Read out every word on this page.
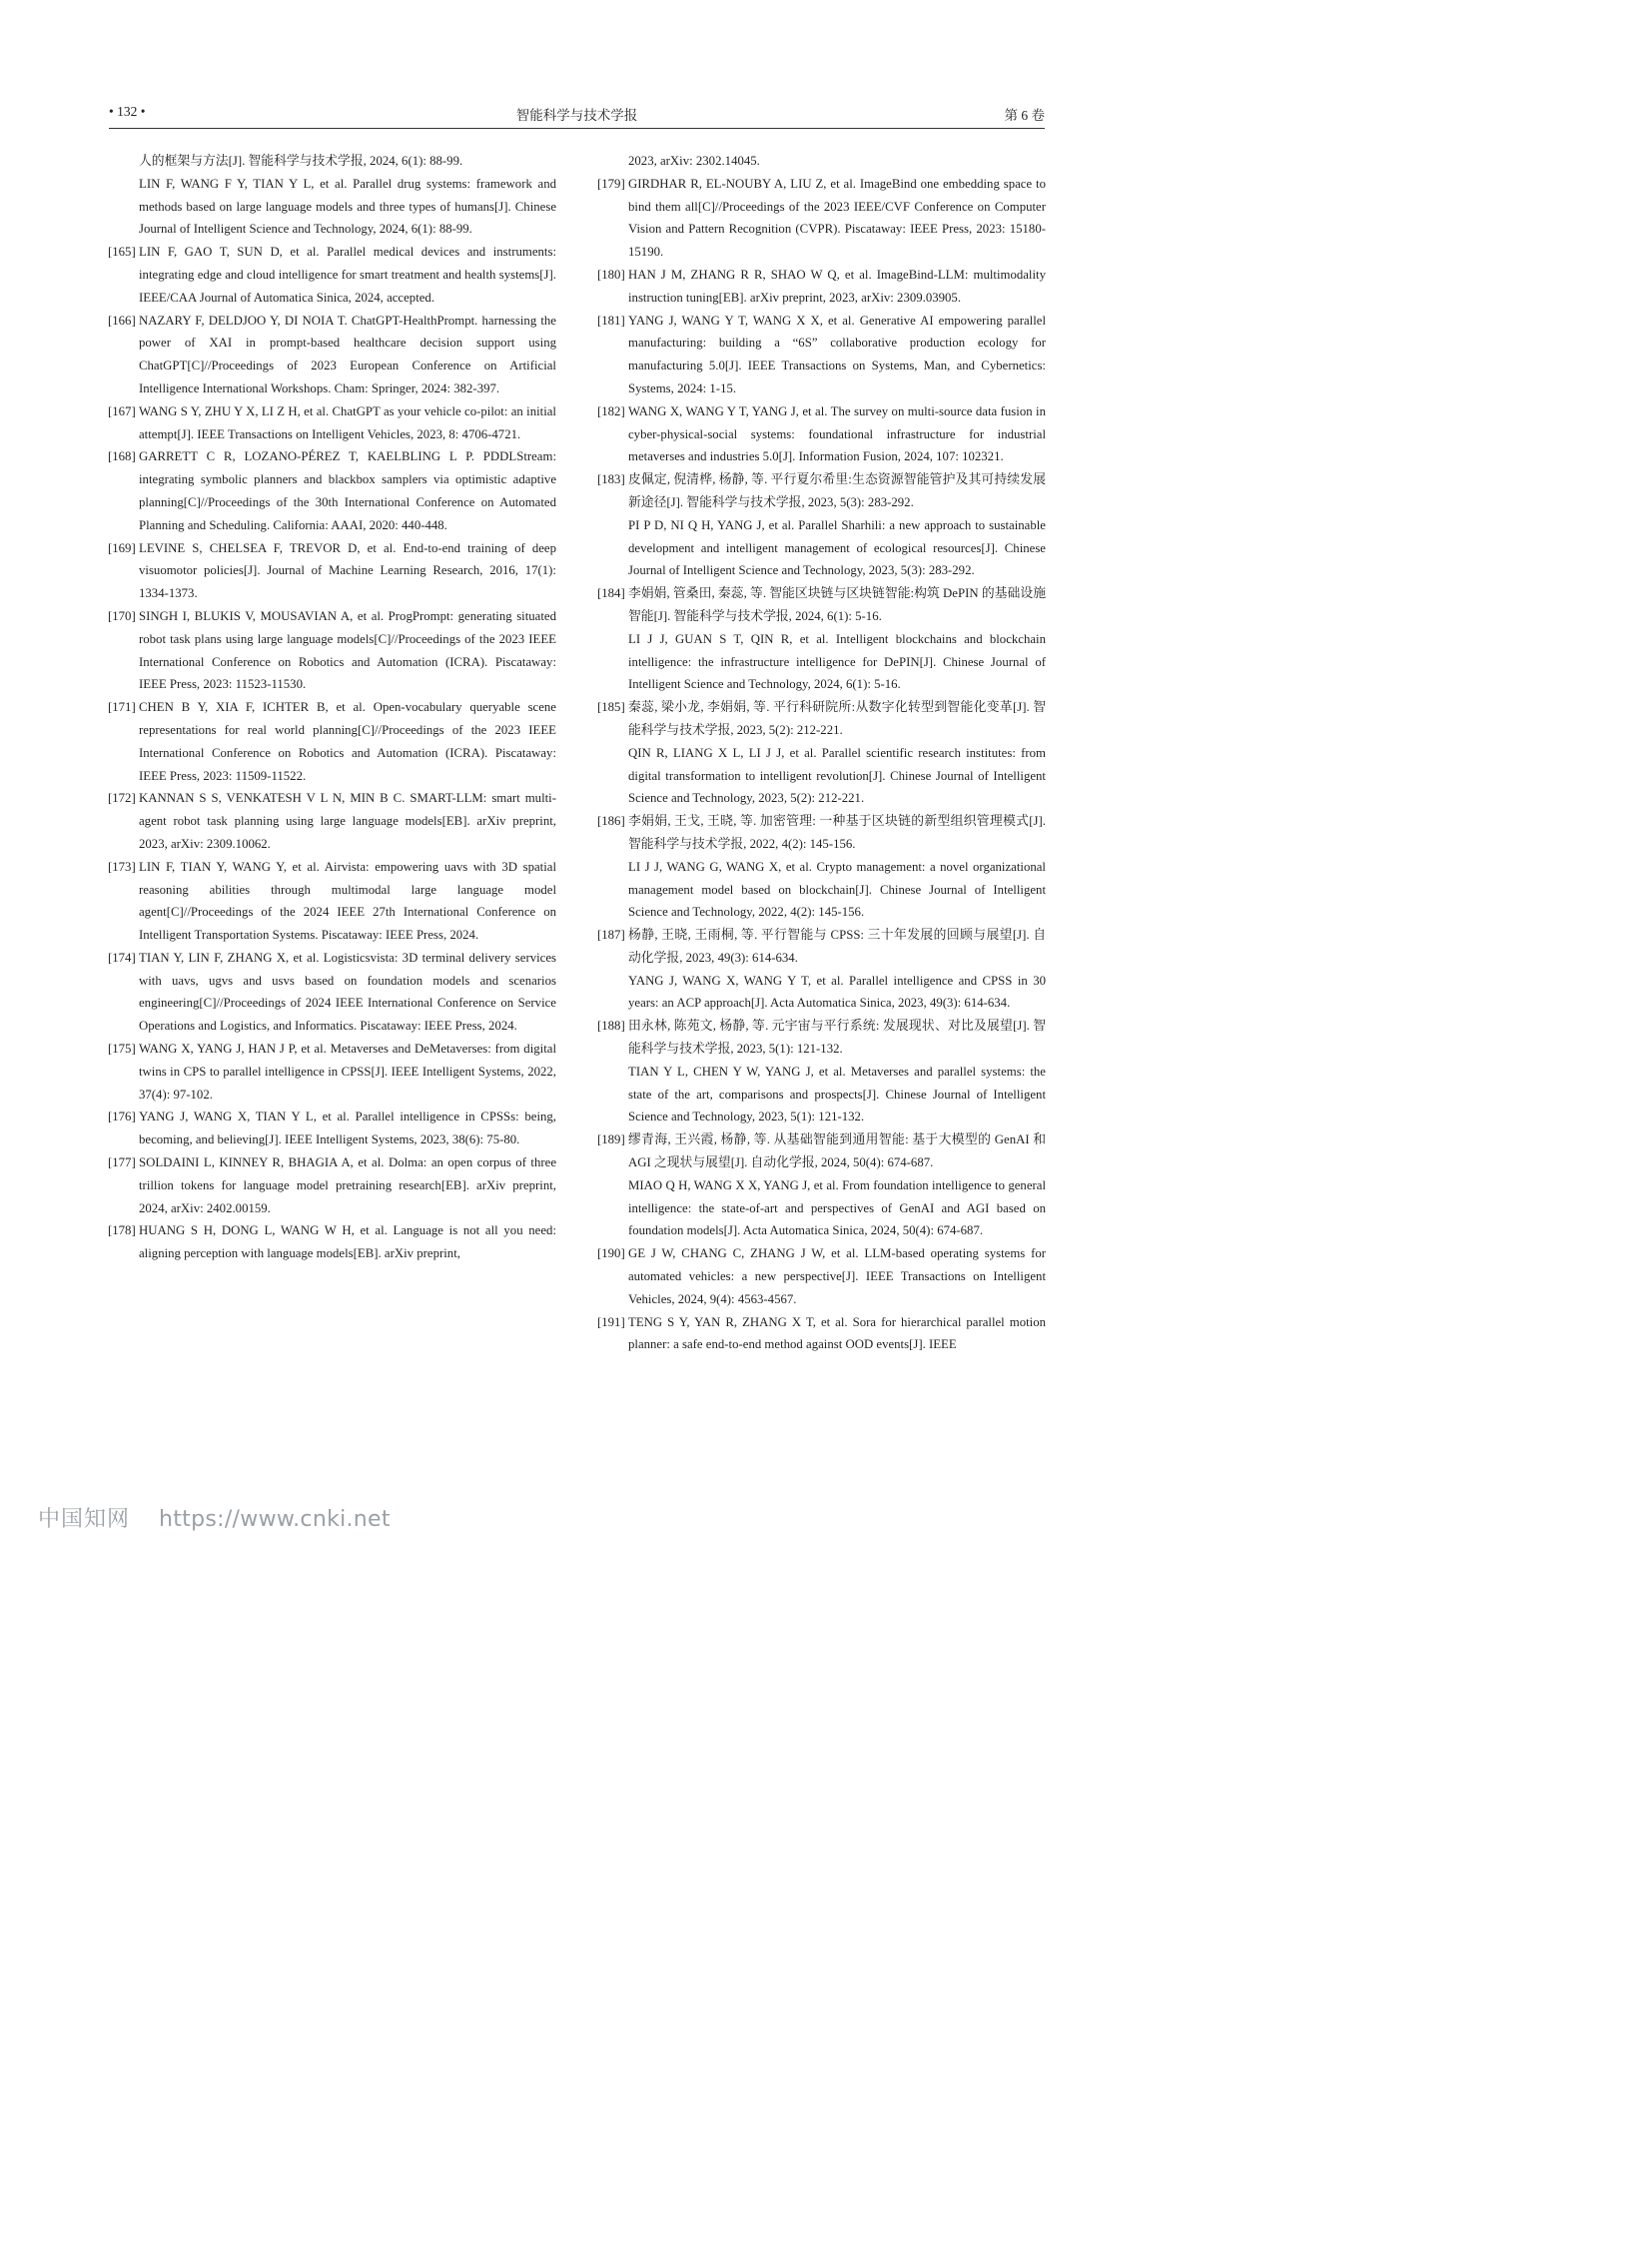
• 132 •	智能科学与技术学报	第 6 卷

人的框架与方法[J]. 智能科学与技术学报, 2024, 6(1): 88-99.

LIN F, WANG F Y, TIAN Y L, et al. Parallel drug systems: framework and methods based on large language models and three types of humans[J]. Chinese Journal of Intelligent Science and Technology, 2024, 6(1): 88-99.

[165] LIN F, GAO T, SUN D, et al. Parallel medical devices and instruments: integrating edge and cloud intelligence for smart treatment and health systems[J]. IEEE/CAA Journal of Automatica Sinica, 2024, accepted.

[166] NAZARY F, DELDJOO Y, DI NOIA T. ChatGPT-HealthPrompt. harnessing the power of XAI in prompt-based healthcare decision support using ChatGPT[C]//Proceedings of 2023 European Conference on Artificial Intelligence International Workshops. Cham: Springer, 2024: 382-397.

[167] WANG S Y, ZHU Y X, LI Z H, et al. ChatGPT as your vehicle co-pilot: an initial attempt[J]. IEEE Transactions on Intelligent Vehicles, 2023, 8: 4706-4721.

[168] GARRETT C R, LOZANO-PÉREZ T, KAELBLING L P. PDDLStream: integrating symbolic planners and blackbox samplers via optimistic adaptive planning[C]//Proceedings of the 30th International Conference on Automated Planning and Scheduling. California: AAAI, 2020: 440-448.

[169] LEVINE S, CHELSEA F, TREVOR D, et al. End-to-end training of deep visuomotor policies[J]. Journal of Machine Learning Research, 2016, 17(1): 1334-1373.

[170] SINGH I, BLUKIS V, MOUSAVIAN A, et al. ProgPrompt: generating situated robot task plans using large language models[C]//Proceedings of the 2023 IEEE International Conference on Robotics and Automation (ICRA). Piscataway: IEEE Press, 2023: 11523-11530.

[171] CHEN B Y, XIA F, ICHTER B, et al. Open-vocabulary queryable scene representations for real world planning[C]//Proceedings of the 2023 IEEE International Conference on Robotics and Automation (ICRA). Piscataway: IEEE Press, 2023: 11509-11522.

[172] KANNAN S S, VENKATESH V L N, MIN B C. SMART-LLM: smart multi-agent robot task planning using large language models[EB]. arXiv preprint, 2023, arXiv: 2309.10062.

[173] LIN F, TIAN Y, WANG Y, et al. Airvista: empowering uavs with 3D spatial reasoning abilities through multimodal large language model agent[C]//Proceedings of the 2024 IEEE 27th International Conference on Intelligent Transportation Systems. Piscataway: IEEE Press, 2024.

[174] TIAN Y, LIN F, ZHANG X, et al. Logisticsvista: 3D terminal delivery services with uavs, ugvs and usvs based on foundation models and scenarios engineering[C]//Proceedings of 2024 IEEE International Conference on Service Operations and Logistics, and Informatics. Piscataway: IEEE Press, 2024.

[175] WANG X, YANG J, HAN J P, et al. Metaverses and DeMetaverses: from digital twins in CPS to parallel intelligence in CPSS[J]. IEEE Intelligent Systems, 2022, 37(4): 97-102.

[176] YANG J, WANG X, TIAN Y L, et al. Parallel intelligence in CPSSs: being, becoming, and believing[J]. IEEE Intelligent Systems, 2023, 38(6): 75-80.

[177] SOLDAINI L, KINNEY R, BHAGIA A, et al. Dolma: an open corpus of three trillion tokens for language model pretraining research[EB]. arXiv preprint, 2024, arXiv: 2402.00159.

[178] HUANG S H, DONG L, WANG W H, et al. Language is not all you need: aligning perception with language models[EB]. arXiv preprint,

2023, arXiv: 2302.14045.

[179] GIRDHAR R, EL-NOUBY A, LIU Z, et al. ImageBind one embedding space to bind them all[C]//Proceedings of the 2023 IEEE/CVF Conference on Computer Vision and Pattern Recognition (CVPR). Piscataway: IEEE Press, 2023: 15180-15190.

[180] HAN J M, ZHANG R R, SHAO W Q, et al. ImageBind-LLM: multimodality instruction tuning[EB]. arXiv preprint, 2023, arXiv: 2309.03905.

[181] YANG J, WANG Y T, WANG X X, et al. Generative AI empowering parallel manufacturing: building a “6S” collaborative production ecology for manufacturing 5.0[J]. IEEE Transactions on Systems, Man, and Cybernetics: Systems, 2024: 1-15.

[182] WANG X, WANG Y T, YANG J, et al. The survey on multi-source data fusion in cyber-physical-social systems: foundational infrastructure for industrial metaverses and industries 5.0[J]. Information Fusion, 2024, 107: 102321.

[183] 皮佩定, 倪清桦, 杨静, 等. 平行夏尔希里:生态资源智能管护及其可持续发展新途径[J]. 智能科学与技术学报, 2023, 5(3): 283-292.

PI P D, NI Q H, YANG J, et al. Parallel Sharhili: a new approach to sustainable development and intelligent management of ecological resources[J]. Chinese Journal of Intelligent Science and Technology, 2023, 5(3): 283-292.

[184] 李娟娟, 管桑田, 秦蕊, 等. 智能区块链与区块链智能:构筑 DePIN 的基础设施智能[J]. 智能科学与技术学报, 2024, 6(1): 5-16.

LI J J, GUAN S T, QIN R, et al. Intelligent blockchains and blockchain intelligence: the infrastructure intelligence for DePIN[J]. Chinese Journal of Intelligent Science and Technology, 2024, 6(1): 5-16.

[185] 秦蕊, 梁小龙, 李娟娟, 等. 平行科研院所:从数字化转型到智能化变革[J]. 智能科学与技术学报, 2023, 5(2): 212-221.

QIN R, LIANG X L, LI J J, et al. Parallel scientific research institutes: from digital transformation to intelligent revolution[J]. Chinese Journal of Intelligent Science and Technology, 2023, 5(2): 212-221.

[186] 李娟娟, 王戈, 王晓, 等. 加密管理: 一种基于区块链的新型组织管理模式[J]. 智能科学与技术学报, 2022, 4(2): 145-156.

LI J J, WANG G, WANG X, et al. Crypto management: a novel organizational management model based on blockchain[J]. Chinese Journal of Intelligent Science and Technology, 2022, 4(2): 145-156.

[187] 杨静, 王晓, 王雨桐, 等. 平行智能与 CPSS: 三十年发展的回顾与展望[J]. 自动化学报, 2023, 49(3): 614-634.

YANG J, WANG X, WANG Y T, et al. Parallel intelligence and CPSS in 30 years: an ACP approach[J]. Acta Automatica Sinica, 2023, 49(3): 614-634.

[188] 田永林, 陈苑文, 杨静, 等. 元宇宙与平行系统: 发展现状、对比及展望[J]. 智能科学与技术学报, 2023, 5(1): 121-132.

TIAN Y L, CHEN Y W, YANG J, et al. Metaverses and parallel systems: the state of the art, comparisons and prospects[J]. Chinese Journal of Intelligent Science and Technology, 2023, 5(1): 121-132.

[189] 缪青海, 王兴霞, 杨静, 等. 从基础智能到通用智能: 基于大模型的 GenAI 和 AGI 之现状与展望[J]. 自动化学报, 2024, 50(4): 674-687.

MIAO Q H, WANG X X, YANG J, et al. From foundation intelligence to general intelligence: the state-of-art and perspectives of GenAI and AGI based on foundation models[J]. Acta Automatica Sinica, 2024, 50(4): 674-687.

[190] GE J W, CHANG C, ZHANG J W, et al. LLM-based operating systems for automated vehicles: a new perspective[J]. IEEE Transactions on Intelligent Vehicles, 2024, 9(4): 4563-4567.

[191] TENG S Y, YAN R, ZHANG X T, et al. Sora for hierarchical parallel motion planner: a safe end-to-end method against OOD events[J]. IEEE

中国知网 https://www.cnki.net
